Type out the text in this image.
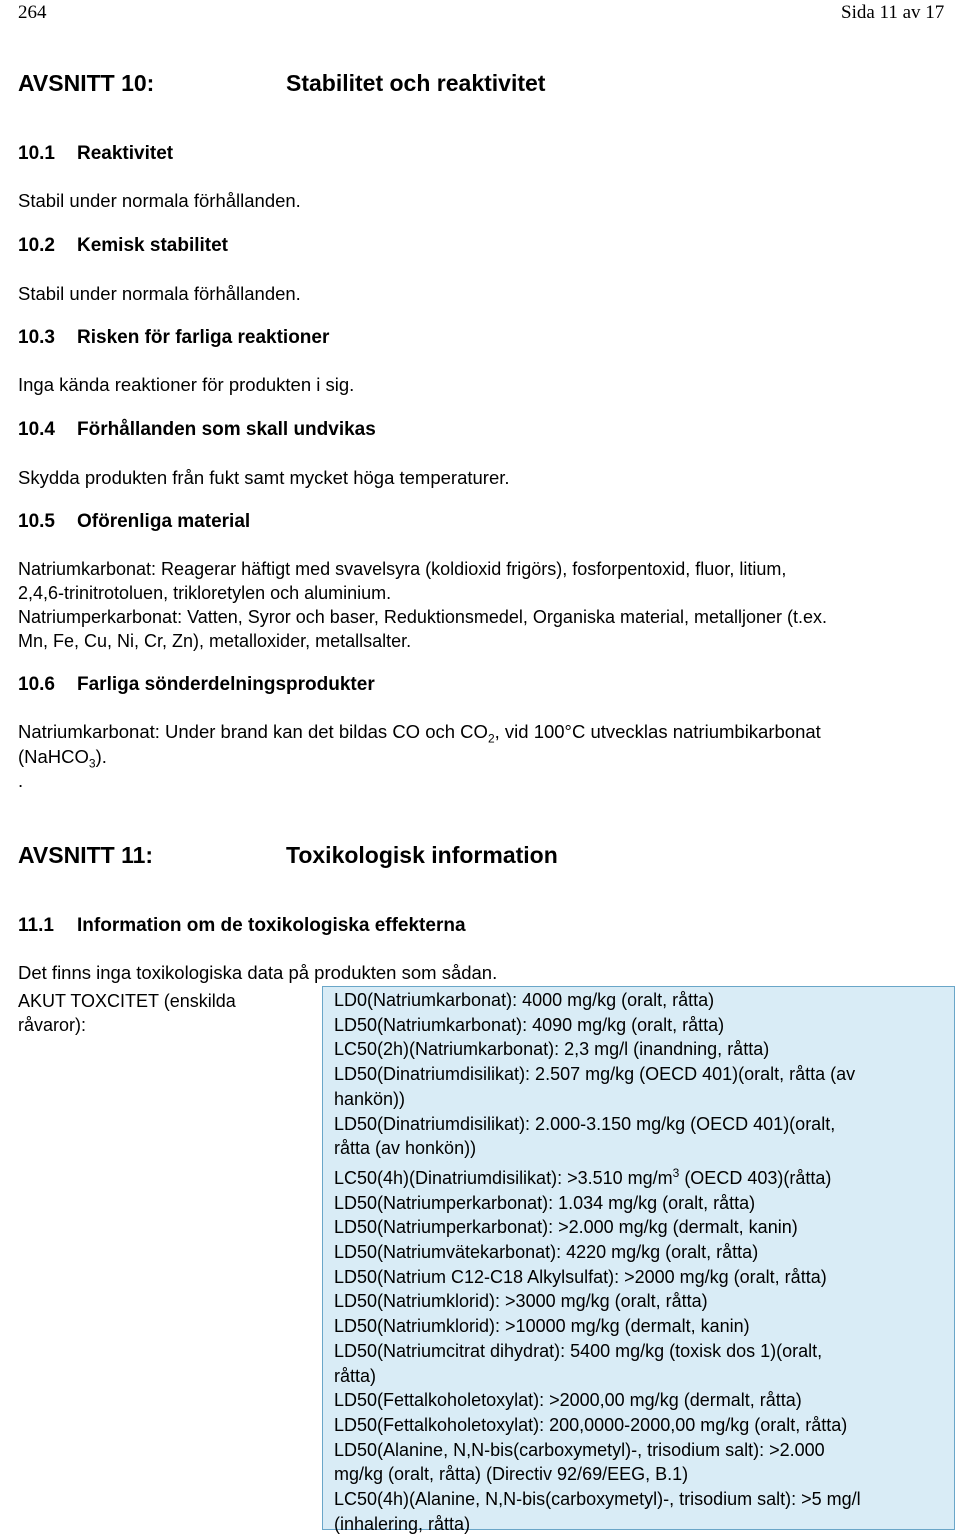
264	Sida 11 av 17
AVSNITT 10:	Stabilitet och reaktivitet
10.1 Reaktivitet
Stabil under normala förhållanden.
10.2 Kemisk stabilitet
Stabil under normala förhållanden.
10.3 Risken för farliga reaktioner
Inga kända reaktioner för produkten i sig.
10.4 Förhållanden som skall undvikas
Skydda produkten från fukt samt mycket höga temperaturer.
10.5 Oförenliga material
Natriumkarbonat: Reagerar häftigt med svavelsyra (koldioxid frigörs), fosforpentoxid, fluor, litium,
2,4,6-trinitrotoluen, trikloretylen och aluminium.
Natriumperkarbonat: Vatten, Syror och baser, Reduktionsmedel, Organiska material, metalljoner (t.ex.
Mn, Fe, Cu, Ni, Cr, Zn), metalloxider, metallsalter.
10.6 Farliga sönderdelningsprodukter
Natriumkarbonat: Under brand kan det bildas CO och $CO_2$, vid 100°C utvecklas natriumbikarbonat
(NaHCO$_3$).
.
AVSNITT 11:	Toxikologisk information
11.1 Information om de toxikologiska effekterna
Det finns inga toxikologiska data på produkten som sådan.
AKUT TOXCITET (enskilda
råvaror):
LD0(Natriumkarbonat): 4000 mg/kg (oralt, råtta)
LD50(Natriumkarbonat): 4090 mg/kg (oralt, råtta)
LC50(2h)(Natriumkarbonat): 2,3 mg/l (inandning, råtta)
LD50(Dinatriumdisilikat): 2.507 mg/kg (OECD 401)(oralt, råtta (av
hankön))
LD50(Dinatriumdisilikat): 2.000-3.150 mg/kg (OECD 401)(oralt,
råtta (av honkön))
LC50(4h)(Dinatriumdisilikat): >3.510 $mg/m^3$ (OECD 403)(råtta)
LD50(Natriumperkarbonat): 1.034 mg/kg (oralt, råtta)
LD50(Natriumperkarbonat): >2.000 mg/kg (dermalt, kanin)
LD50(Natriumvätekarbonat): 4220 mg/kg (oralt, råtta)
LD50(Natrium C12-C18 Alkylsulfat): >2000 mg/kg (oralt, råtta)
LD50(Natriumklorid): >3000 mg/kg (oralt, råtta)
LD50(Natriumklorid): >10000 mg/kg (dermalt, kanin)
LD50(Natriumcitrat dihydrat): 5400 mg/kg (toxisk dos 1)(oralt,
råtta)
LD50(Fettalkoholetoxylat): >2000,00 mg/kg (dermalt, råtta)
LD50(Fettalkoholetoxylat): 200,0000-2000,00 mg/kg (oralt, råtta)
LD50(Alanine, N,N-bis(carboxymetyl)-, trisodium salt): >2.000
mg/kg (oralt, råtta) (Directiv 92/69/EEG, B.1)
LC50(4h)(Alanine, N,N-bis(carboxymetyl)-, trisodium salt): >5 mg/l
(inhalering, råtta)
